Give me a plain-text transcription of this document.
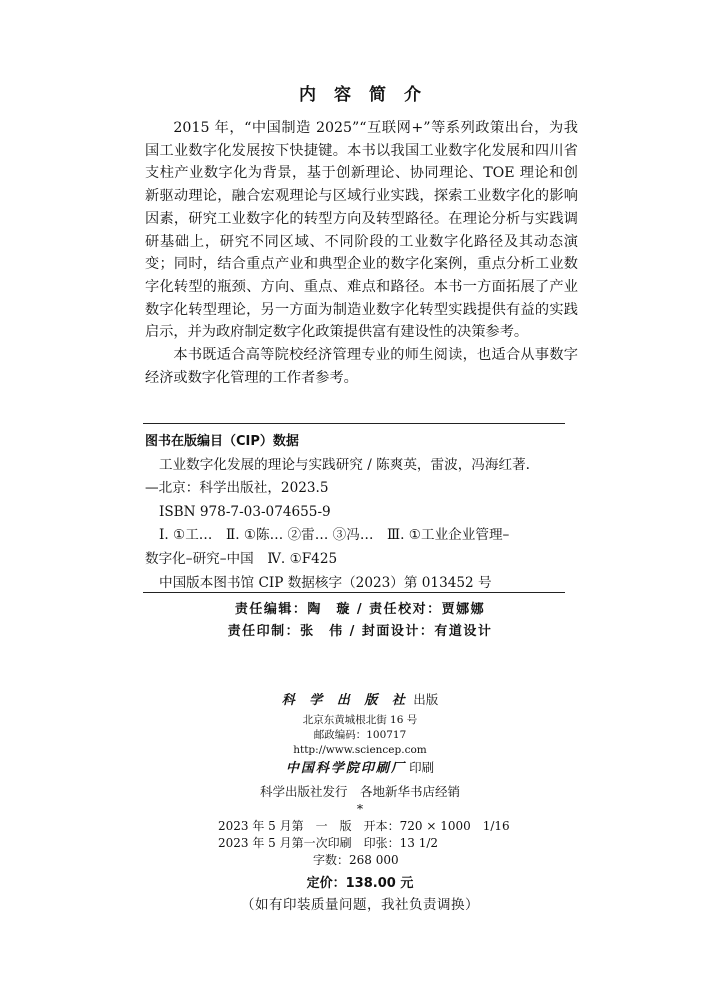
内容简介

2015 年，“中国制造 2025”“互联网+”等系列政策出台，为我国工业数字化发展按下快捷键。本书以我国工业数字化发展和四川省支柱产业数字化为背景，基于创新理论、协同理论、TOE 理论和创新驱动理论，融合宏观理论与区域行业实践，探索工业数字化的影响因素，研究工业数字化的转型方向及转型路径。在理论分析与实践调研基础上，研究不同区域、不同阶段的工业数字化路径及其动态演变；同时，结合重点产业和典型企业的数字化案例，重点分析工业数字化转型的瓶颈、方向、重点、难点和路径。本书一方面拓展了产业数字化转型理论，另一方面为制造业数字化转型实践提供有益的实践启示，并为政府制定数字化政策提供富有建设性的决策参考。

本书既适合高等院校经济管理专业的师生阅读，也适合从事数字经济或数字化管理的工作者参考。

图书在版编目（CIP）数据
工业数字化发展的理论与实践研究 / 陈爽英，雷波，冯海红著.
—北京：科学出版社，2023.5
ISBN 978-7-03-074655-9
Ⅰ. ①工…　Ⅱ. ①陈… ②雷… ③冯…　Ⅲ. ①工业企业管理–
数字化–研究–中国　Ⅳ. ①F425
中国版本图书馆 CIP 数据核字（2023）第 013452 号
责任编辑：陶　璇 / 责任校对：贾娜娜
责任印制：张　伟 / 封面设计：有道设计
科 学 出 版 社 出版
北京东黄城根北街 16 号
邮政编码：100717
http://www.sciencep.com
中国科学院印刷厂 印刷
科学出版社发行　各地新华书店经销
*
2023 年 5 月第　一　版　开本：720 × 1000　1/16
2023 年 5 月第一次印刷　印张：13 1/2
字数：268 000
定价：138.00 元
（如有印装质量问题，我社负责调换）
